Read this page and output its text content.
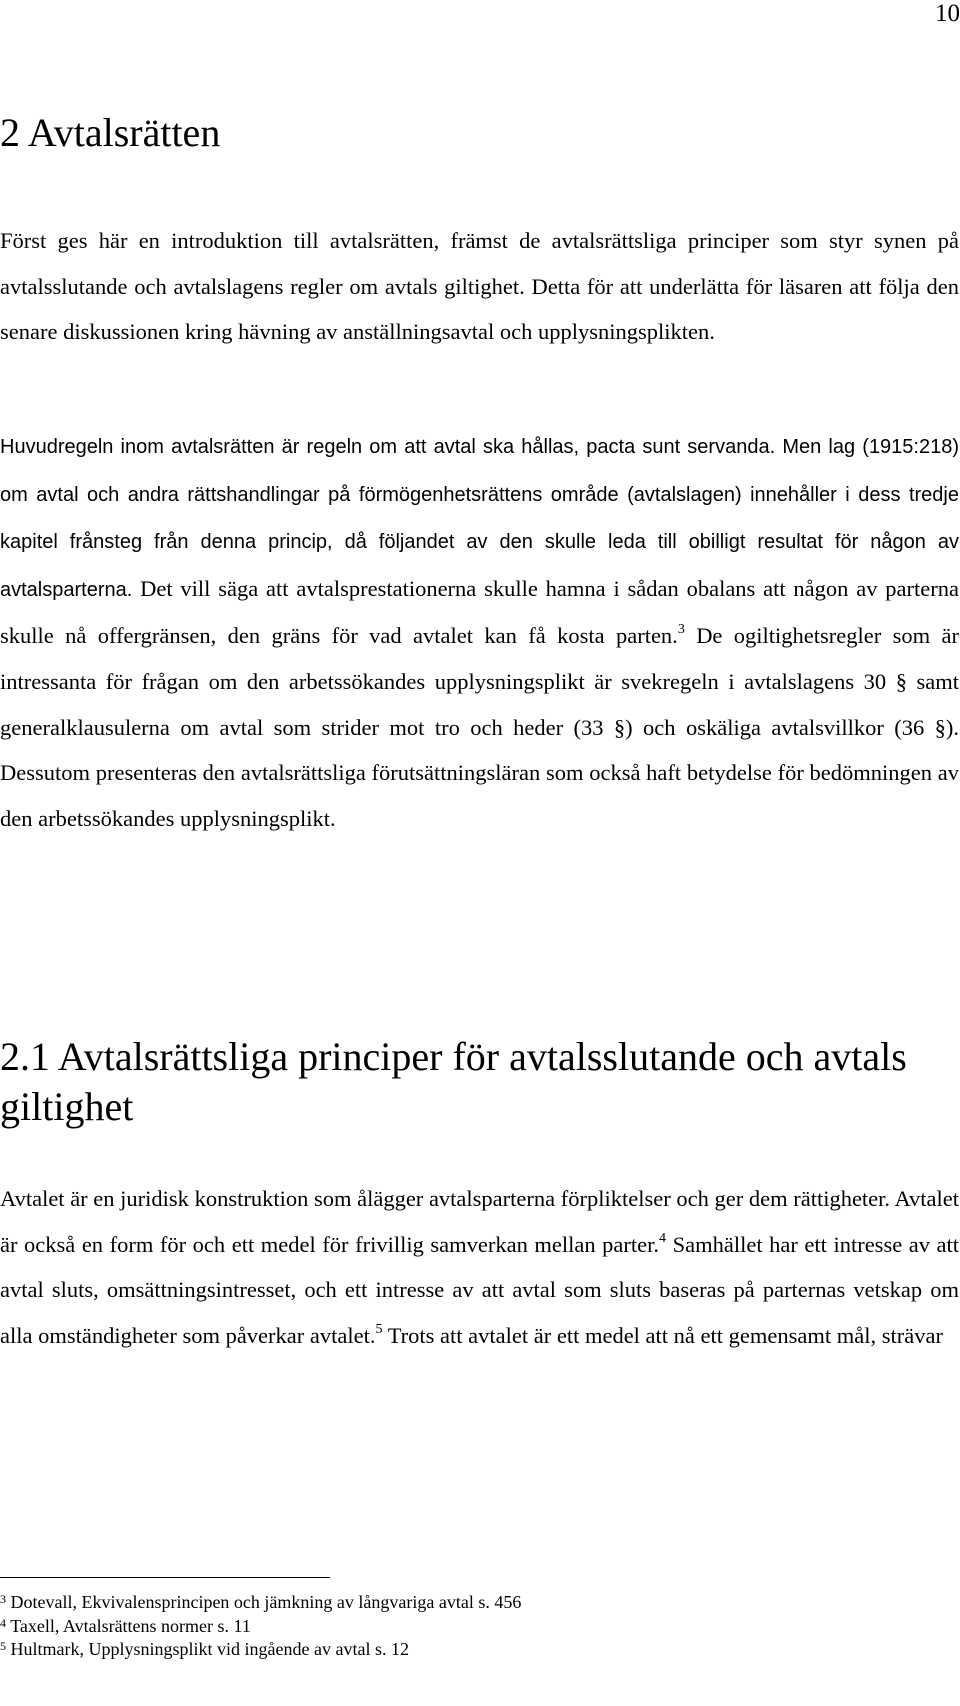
10
2 Avtalsrätten

Först ges här en introduktion till avtalsrätten, främst de avtalsrättsliga principer som styr synen på avtalsslutande och avtalslagens regler om avtals giltighet. Detta för att underlätta för läsaren att följa den senare diskussionen kring hävning av anställningsavtal och upplysningsplikten.

Huvudregeln inom avtalsrätten är regeln om att avtal ska hållas, pacta sunt servanda. Men lag (1915:218) om avtal och andra rättshandlingar på förmögenhetsrättens område (avtalslagen) innehåller i dess tredje kapitel frånsteg från denna princip, då följandet av den skulle leda till obilligt resultat för någon av avtalsparterna. Det vill säga att avtalsprestationerna skulle hamna i sådan obalans att någon av parterna skulle nå offergränsen, den gräns för vad avtalet kan få kosta parten.$^3$ De ogiltighetsregler som är intressanta för frågan om den arbetssökandes upplysningsplikt är svekregeln i avtalslagens 30 § samt generalklausulerna om avtal som strider mot tro och heder (33 §) och oskäliga avtalsvillkor (36 §). Dessutom presenteras den avtalsrättsliga förutsättningsläran som också haft betydelse för bedömningen av den arbetssökandes upplysningsplikt.

2.1 Avtalsrättsliga principer för avtalsslutande och avtals giltighet

Avtalet är en juridisk konstruktion som ålägger avtalsparterna förpliktelser och ger dem rättigheter. Avtalet är också en form för och ett medel för frivillig samverkan mellan parter.$^4$ Samhället har ett intresse av att avtal sluts, omsättningsintresset, och ett intresse av att avtal som sluts baseras på parternas vetskap om alla omständigheter som påverkar avtalet.$^5$ Trots att avtalet är ett medel att nå ett gemensamt mål, strävar

$^3$ Dotevall, Ekvivalensprincipen och jämkning av långvariga avtal s. 456
$^4$ Taxell, Avtalsrättens normer s. 11
$^5$ Hultmark, Upplysningsplikt vid ingående av avtal s. 12
